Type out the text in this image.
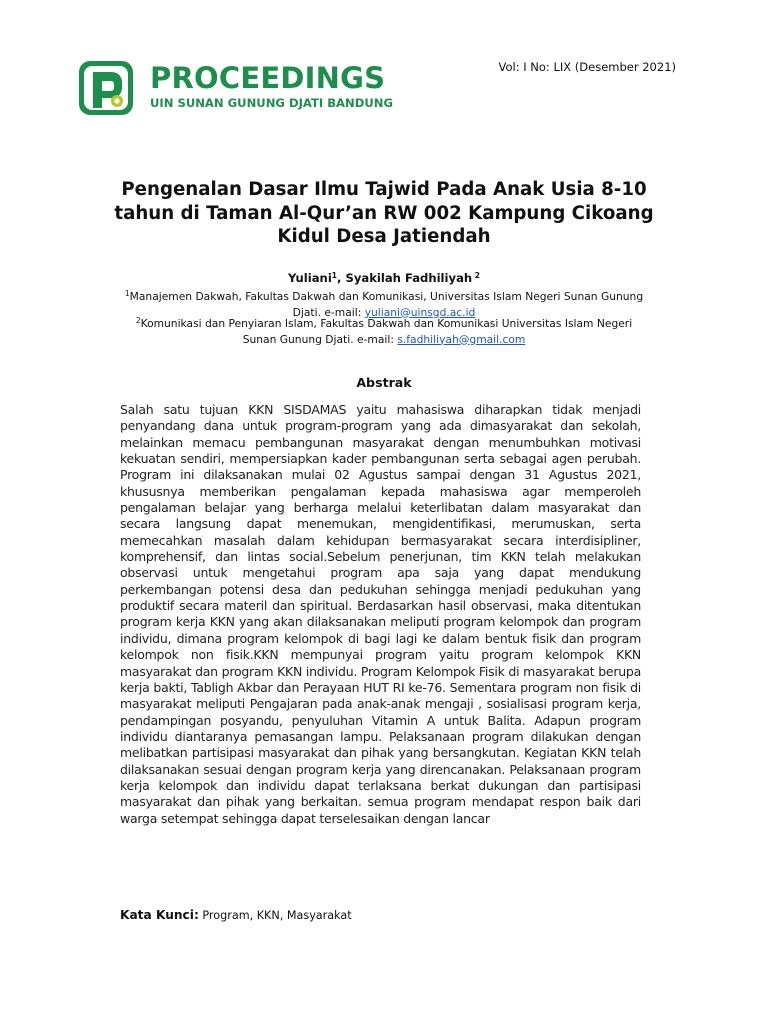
PROCEEDINGS

UIN SUNAN GUNUNG DJATI BANDUNG

Vol: I No: LIX (Desember 2021)

Pengenalan Dasar Ilmu Tajwid Pada Anak Usia 8-10 tahun di Taman Al-Qur’an RW 002 Kampung Cikoang Kidul Desa Jatiendah

Yuliani$^1$, Syakilah Fadhiliyah $^2$

$^1$Manajemen Dakwah, Fakultas Dakwah dan Komunikasi, Universitas Islam Negeri Sunan Gunung Djati. e-mail: yuliani@uinsgd.ac.id

$^2$Komunikasi dan Penyiaran Islam, Fakultas Dakwah dan Komunikasi Universitas Islam Negeri Sunan Gunung Djati. e-mail: s.fadhiliyah@gmail.com

Abstrak

Salah satu tujuan KKN SISDAMAS yaitu mahasiswa diharapkan tidak menjadi penyandang dana untuk program-program yang ada dimasyarakat dan sekolah, melainkan memacu pembangunan masyarakat dengan menumbuhkan motivasi kekuatan sendiri, mempersiapkan kader pembangunan serta sebagai agen perubah. Program ini dilaksanakan mulai 02 Agustus sampai dengan 31 Agustus 2021, khususnya memberikan pengalaman kepada mahasiswa agar memperoleh pengalaman belajar yang berharga melalui keterlibatan dalam masyarakat dan secara langsung dapat menemukan, mengidentifikasi, merumuskan, serta memecahkan masalah dalam kehidupan bermasyarakat secara interdisipliner, komprehensif, dan lintas social.Sebelum penerjunan, tim KKN telah melakukan observasi untuk mengetahui program apa saja yang dapat mendukung perkembangan potensi desa dan pedukuhan sehingga menjadi pedukuhan yang produktif secara materil dan spiritual. Berdasarkan hasil observasi, maka ditentukan program kerja KKN yang akan dilaksanakan meliputi program kelompok dan program individu, dimana program kelompok di bagi lagi ke dalam bentuk fisik dan program kelompok non fisik.KKN mempunyai program yaitu program kelompok KKN masyarakat dan program KKN individu. Program Kelompok Fisik di masyarakat berupa kerja bakti, Tabligh Akbar dan Perayaan HUT RI ke-76. Sementara program non fisik di masyarakat meliputi Pengajaran pada anak-anak mengaji , sosialisasi program kerja, pendampingan posyandu, penyuluhan Vitamin A untuk Balita. Adapun program individu diantaranya pemasangan lampu. Pelaksanaan program dilakukan dengan melibatkan partisipasi masyarakat dan pihak yang bersangkutan. Kegiatan KKN telah dilaksanakan sesuai dengan program kerja yang direncanakan. Pelaksanaan program kerja kelompok dan individu dapat terlaksana berkat dukungan dan partisipasi masyarakat dan pihak yang berkaitan. semua program mendapat respon baik dari warga setempat sehingga dapat terselesaikan dengan lancar

Kata Kunci: Program, KKN, Masyarakat
